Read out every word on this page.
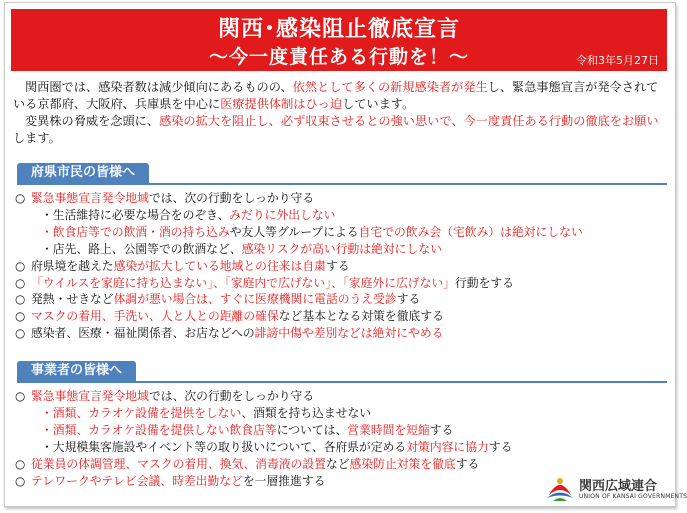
関西･感染阻止徹底宣言
～今一度責任ある行動を！～	令和3年5月27日

関西圏では、感染者数は減少傾向にあるものの、依然として多くの新規感染者が発生し、緊急事態宣言が発令されている京都府、大阪府、兵庫県を中心に医療提供体制はひっ迫しています。

変異株の脅威を念頭に、感染の拡大を阻止し、必ず収束させるとの強い思いで、今一度責任ある行動の徹底をお願いします。

府県市民の皆様へ
○ 緊急事態宣言発令地域では、次の行動をしっかり守る
・生活維持に必要な場合をのぞき、みだりに外出しない
・飲食店等での飲酒・酒の持ち込みや友人等グループによる自宅での飲み会（宅飲み）は絶対にしない
・店先、路上、公園等での飲酒など、感染リスクが高い行動は絶対にしない
○ 府県境を越えた感染が拡大している地域との往来は自粛する
○ 「ウイルスを家庭に持ち込まない」、「家庭内で広げない」、「家庭外に広げない」行動をする
○ 発熱・せきなど体調が悪い場合は、すぐに医療機関に電話のうえ受診する
○ マスクの着用、手洗い、人と人との距離の確保など基本となる対策を徹底する
○ 感染者、医療・福祉関係者、お店などへの誹謗中傷や差別などは絶対にやめる
事業者の皆様へ
○ 緊急事態宣言発令地域では、次の行動をしっかり守る
・酒類、カラオケ設備を提供をしない、酒類を持ち込ませない
・酒類、カラオケ設備を提供しない飲食店等については、営業時間を短縮する
・大規模集客施設やイベント等の取り扱いについて、各府県が定める対策内容に協力する
○ 従業員の体調管理、マスクの着用、換気、消毒液の設置など感染防止対策を徹底する
○ テレワークやテレビ会議、時差出勤などを一層推進する	関西広域連合
UNION OF KANSAI GOVERNMENTS
